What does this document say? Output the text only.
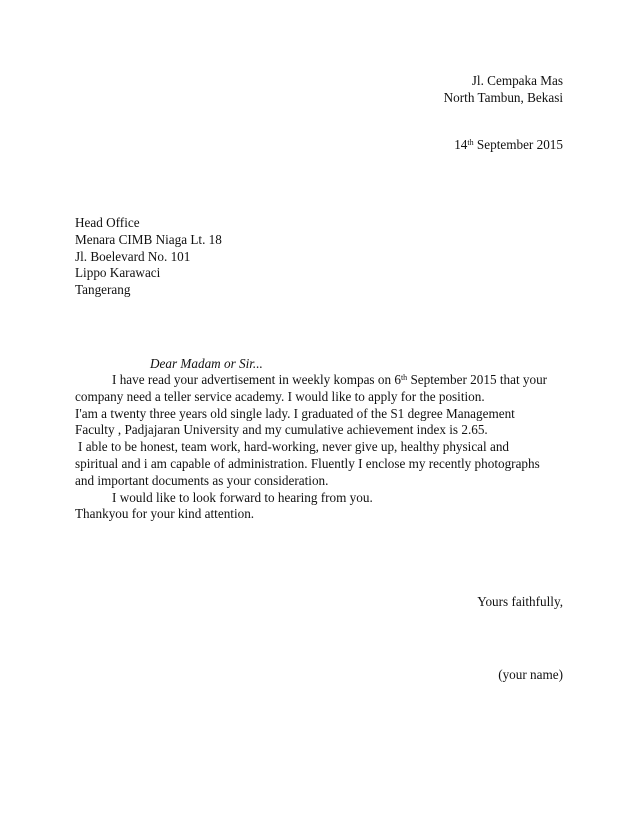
Jl. Cempaka Mas
North Tambun, Bekasi
14th September 2015
Head Office
Menara CIMB Niaga Lt. 18
Jl. Boelevard No. 101
Lippo Karawaci
Tangerang
Dear Madam or Sir...
I have read your advertisement in weekly kompas on 6th September 2015 that your
company need a teller service academy. I would like to apply for the position.
I'am a twenty three years old single lady. I graduated of the S1 degree Management
Faculty , Padjajaran University and my cumulative achievement index is 2.65.
I able to be honest, team work, hard-working, never give up, healthy physical and
spiritual and i am capable of administration. Fluently I enclose my recently photographs
and important documents as your consideration.
I would like to look forward to hearing from you.
Thankyou for your kind attention.
Yours faithfully,
(your name)
